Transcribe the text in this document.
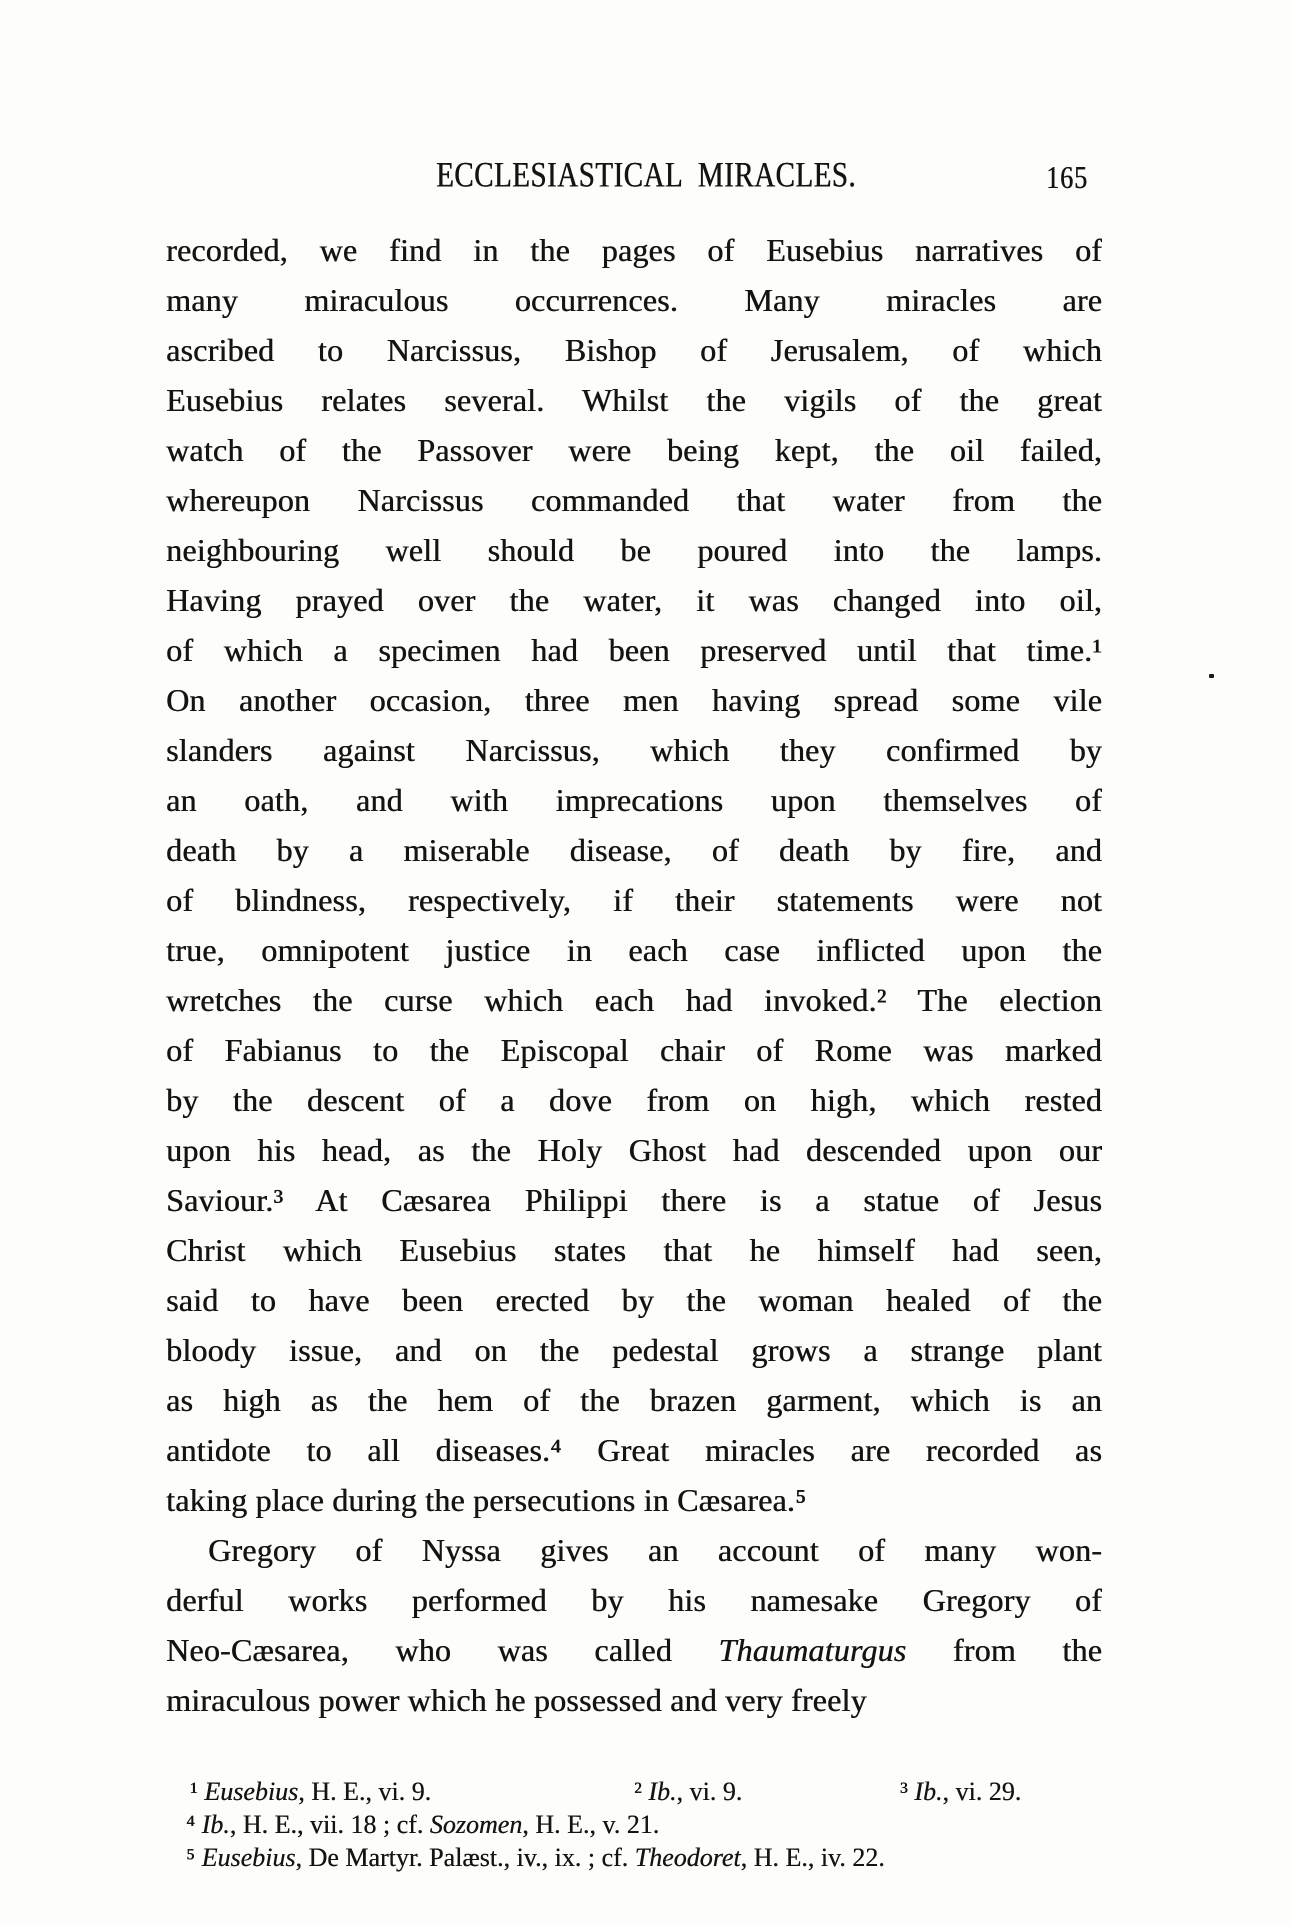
ECCLESIASTICAL MIRACLES.	165
recorded, we find in the pages of Eusebius narratives of
many miraculous occurrences. Many miracles are
ascribed to Narcissus, Bishop of Jerusalem, of which
Eusebius relates several. Whilst the vigils of the great
watch of the Passover were being kept, the oil failed,
whereupon Narcissus commanded that water from the
neighbouring well should be poured into the lamps.
Having prayed over the water, it was changed into oil,
of which a specimen had been preserved until that time.¹
On another occasion, three men having spread some vile
slanders against Narcissus, which they confirmed by
an oath, and with imprecations upon themselves of
death by a miserable disease, of death by fire, and
of blindness, respectively, if their statements were not
true, omnipotent justice in each case inflicted upon the
wretches the curse which each had invoked.² The election
of Fabianus to the Episcopal chair of Rome was marked
by the descent of a dove from on high, which rested
upon his head, as the Holy Ghost had descended upon our
Saviour.³ At Cæsarea Philippi there is a statue of Jesus
Christ which Eusebius states that he himself had seen,
said to have been erected by the woman healed of the
bloody issue, and on the pedestal grows a strange plant
as high as the hem of the brazen garment, which is an
antidote to all diseases.⁴ Great miracles are recorded as
taking place during the persecutions in Cæsarea.⁵
Gregory of Nyssa gives an account of many won-
derful works performed by his namesake Gregory of
Neo-Cæsarea, who was called Thaumaturgus from the
miraculous power which he possessed and very freely
¹ Eusebius, H. E., vi. 9.	² Ib., vi. 9.	³ Ib., vi. 29.
⁴ Ib., H. E., vii. 18 ; cf. Sozomen, H. E., v. 21.
⁵ Eusebius, De Martyr. Palæst., iv., ix. ; cf. Theodoret, H. E., iv. 22.
